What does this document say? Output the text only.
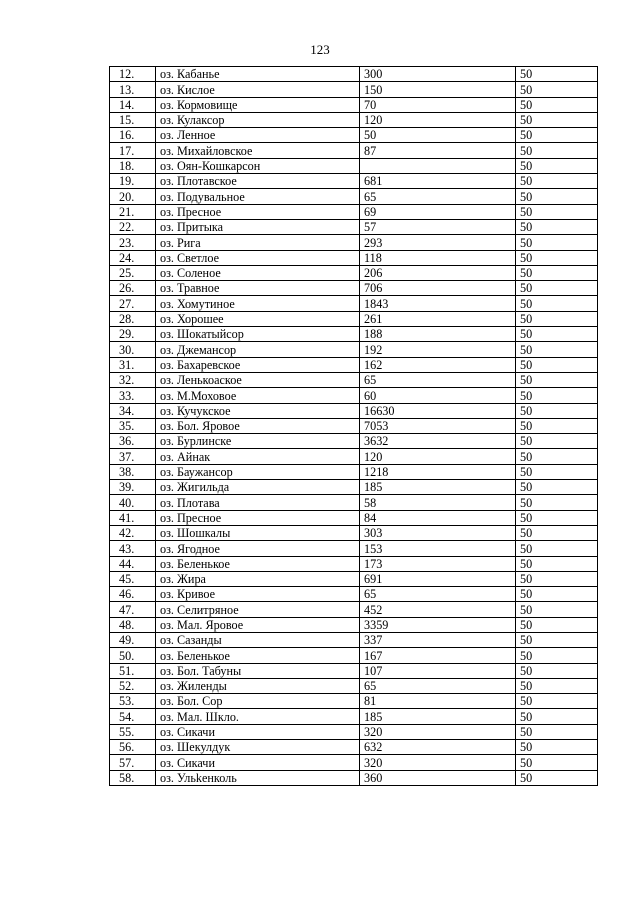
123
12.	оз. Кабанье	300	50
13.	оз. Кислое	150	50
14.	оз. Кормовище	70	50
15.	оз. Кулаксор	120	50
16.	оз. Ленное	50	50
17.	оз. Михайловское	87	50
18.	оз. Оян-Кошкарсон		50
19.	оз. Плотавское	681	50
20.	оз. Подувальное	65	50
21.	оз. Пресное	69	50
22.	оз. Притыка	57	50
23.	оз. Рига	293	50
24.	оз. Светлое	118	50
25.	оз. Соленое	206	50
26.	оз. Травное	706	50
27.	оз. Хомутиное	1843	50
28.	оз. Хорошее	261	50
29.	оз. Шокатыйсор	188	50
30.	оз. Джемансор	192	50
31.	оз. Бахаревское	162	50
32.	оз. Ленькоаское	65	50
33.	оз. М.Моховое	60	50
34.	оз. Кучукское	16630	50
35.	оз. Бол. Яровое	7053	50
36.	оз. Бурлинске	3632	50
37.	оз. Айнак	120	50
38.	оз. Баужансор	1218	50
39.	оз. Жигильда	185	50
40.	оз. Плотава	58	50
41.	оз. Пресное	84	50
42.	оз. Шошкалы	303	50
43.	оз. Ягодное	153	50
44.	оз. Беленькое	173	50
45.	оз. Жира	691	50
46.	оз. Кривое	65	50
47.	оз. Селитряное	452	50
48.	оз. Мал. Яровое	3359	50
49.	оз. Сазанды	337	50
50.	оз. Беленькое	167	50
51.	оз. Бол. Табуны	107	50
52.	оз. Жиленды	65	50
53.	оз. Бол. Сор	81	50
54.	оз. Мал. Шкло.	185	50
55.	оз. Сикачи	320	50
56.	оз. Шекулдук	632	50
57.	оз. Сикачи	320	50
58.	оз. Ульkенколь	360	50
